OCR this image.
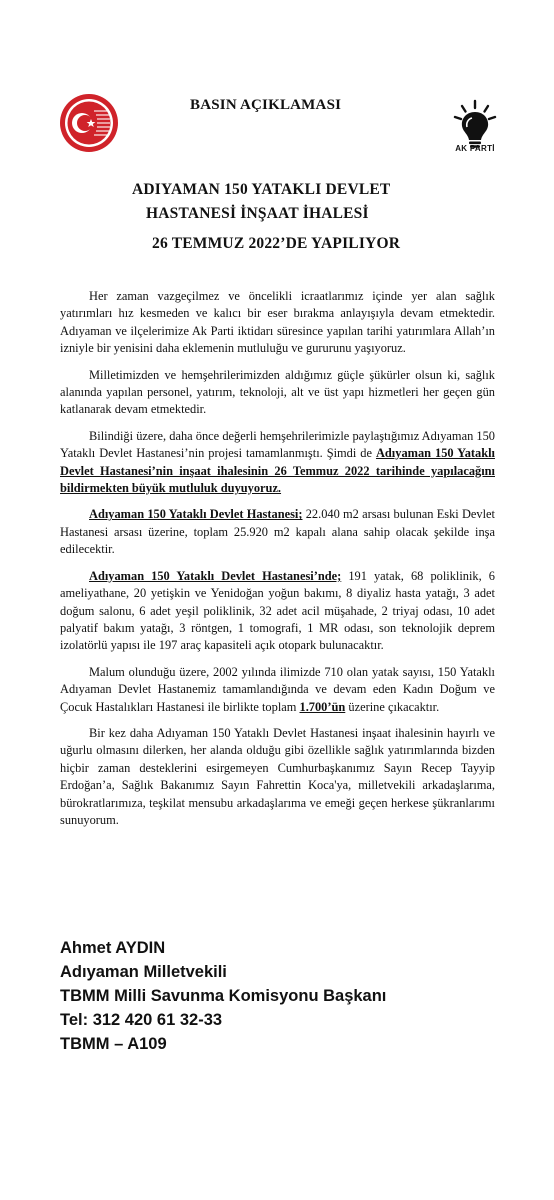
AK PARTİ
BASIN AÇIKLAMASI
ADIYAMAN 150 YATAKLI DEVLET
HASTANESİ İNŞAAT İHALESİ
26 TEMMUZ 2022’DE YAPILIYOR

Her zaman vazgeçilmez ve öncelikli icraatlarımız içinde yer alan sağlık yatırımları hız kesmeden ve kalıcı bir eser bırakma anlayışıyla devam etmektedir. Adıyaman ve ilçelerimize Ak Parti iktidarı süresince yapılan tarihi yatırımlara Allah’ın izniyle bir yenisini daha eklemenin mutluluğu ve gururunu yaşıyoruz.

Milletimizden ve hemşehrilerimizden aldığımız güçle şükürler olsun ki, sağlık alanında yapılan personel, yatırım, teknoloji, alt ve üst yapı hizmetleri her geçen gün katlanarak devam etmektedir.

Bilindiği üzere, daha önce değerli hemşehrilerimizle paylaştığımız Adıyaman 150 Yataklı Devlet Hastanesi’nin projesi tamamlanmıştı. Şimdi de Adıyaman 150 Yataklı Devlet Hastanesi’nin inşaat ihalesinin 26 Temmuz 2022 tarihinde yapılacağını bildirmekten büyük mutluluk duyuyoruz.

Adıyaman 150 Yataklı Devlet Hastanesi; 22.040 m2 arsası bulunan Eski Devlet Hastanesi arsası üzerine, toplam 25.920 m2 kapalı alana sahip olacak şekilde inşa edilecektir.

Adıyaman 150 Yataklı Devlet Hastanesi’nde; 191 yatak, 68 poliklinik, 6 ameliyathane, 20 yetişkin ve Yenidoğan yoğun bakımı, 8 diyaliz hasta yatağı, 3 adet doğum salonu, 6 adet yeşil poliklinik, 32 adet acil müşahade, 2 triyaj odası, 10 adet palyatif bakım yatağı, 3 röntgen, 1 tomografi, 1 MR odası, son teknolojik deprem izolatörlü yapısı ile 197 araç kapasiteli açık otopark bulunacaktır.

Malum olunduğu üzere, 2002 yılında ilimizde 710 olan yatak sayısı, 150 Yataklı Adıyaman Devlet Hastanemiz tamamlandığında ve devam eden Kadın Doğum ve Çocuk Hastalıkları Hastanesi ile birlikte toplam 1.700’ün üzerine çıkacaktır.

Bir kez daha Adıyaman 150 Yataklı Devlet Hastanesi inşaat ihalesinin hayırlı ve uğurlu olmasını dilerken, her alanda olduğu gibi özellikle sağlık yatırımlarında bizden hiçbir zaman desteklerini esirgemeyen Cumhurbaşkanımız Sayın Recep Tayyip Erdoğan’a, Sağlık Bakanımız Sayın Fahrettin Koca'ya, milletvekili arkadaşlarıma, bürokratlarımıza, teşkilat mensubu arkadaşlarıma ve emeği geçen herkese şükranlarımı sunuyorum.

Ahmet AYDIN
Adıyaman Milletvekili
TBMM Milli Savunma Komisyonu Başkanı
Tel: 312 420 61 32-33
TBMM – A109
